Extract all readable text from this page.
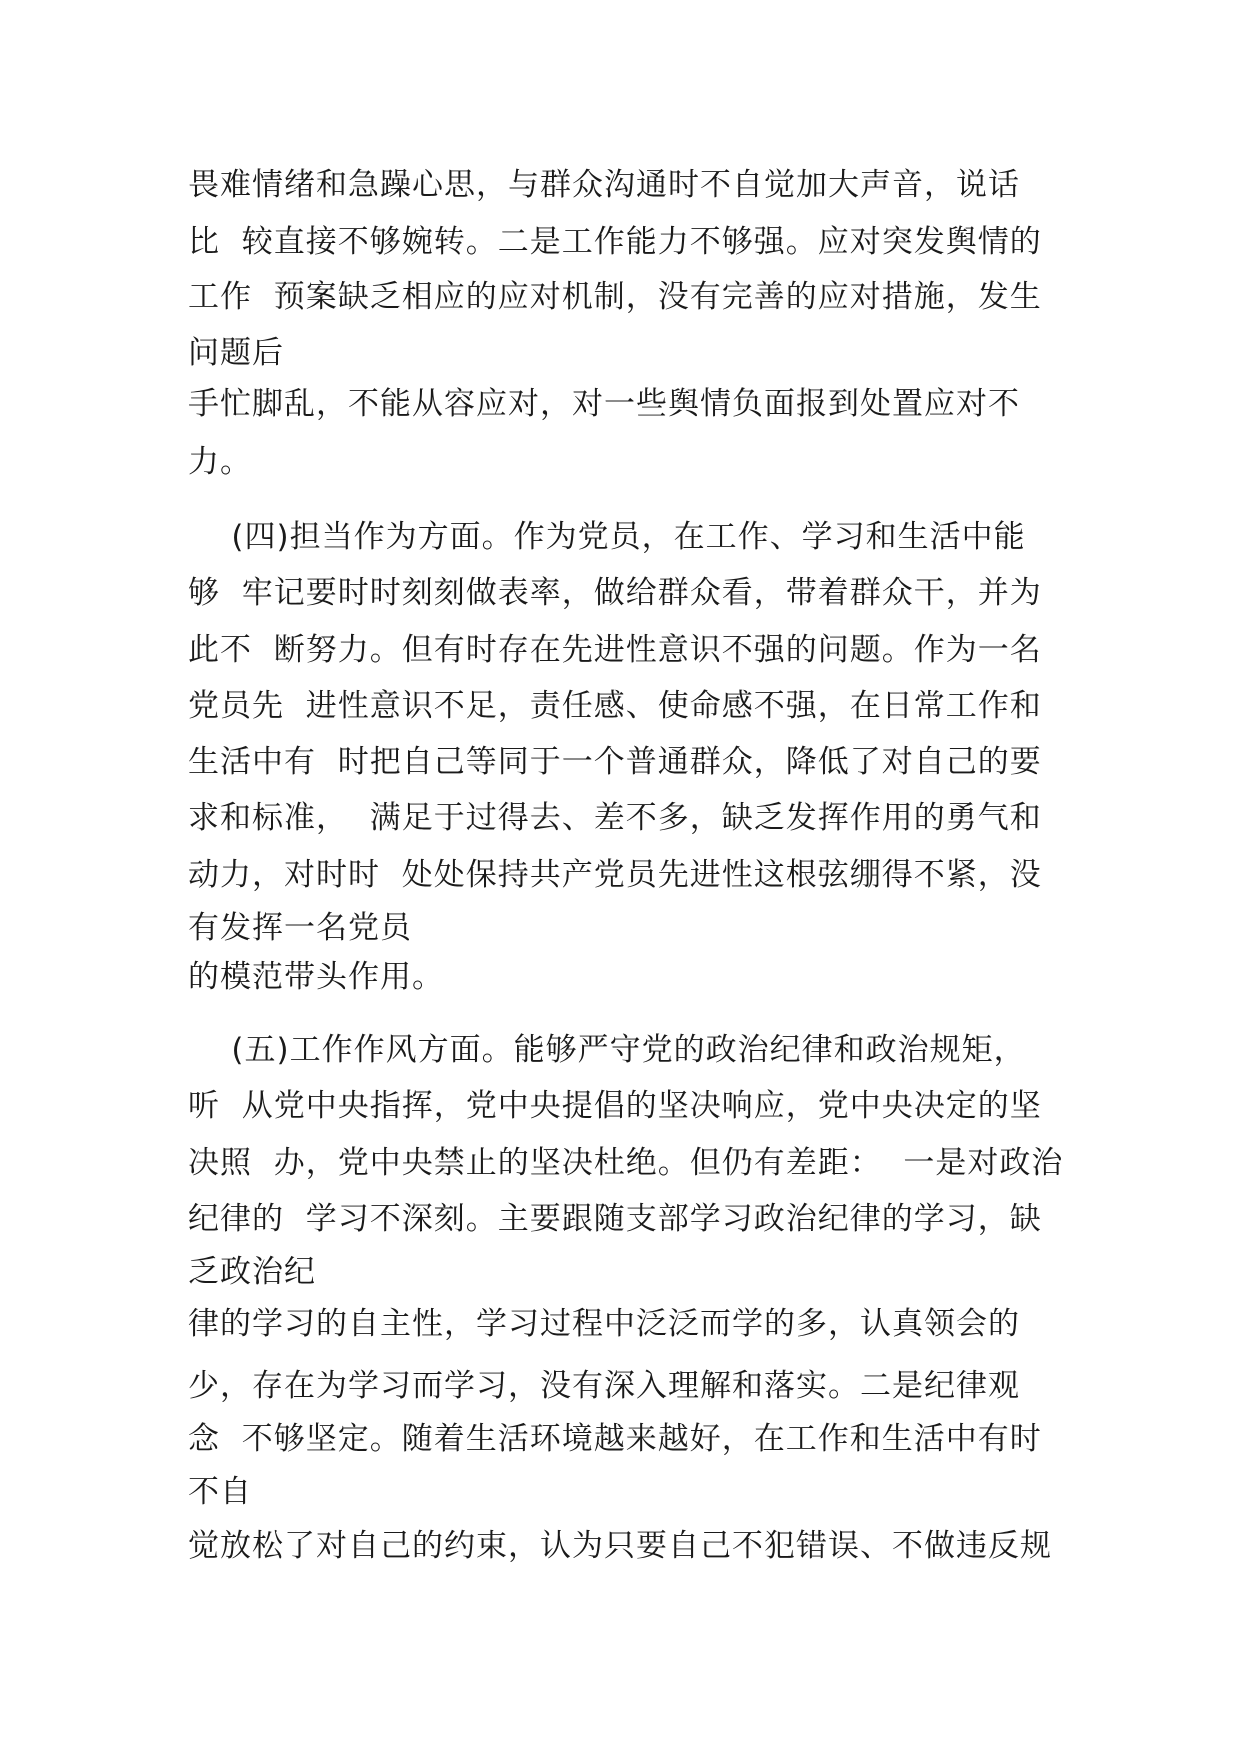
畏难情绪和急躁心思，与群众沟通时不自觉加大声音，说话
比  较直接不够婉转。二是工作能力不够强。应对突发舆情的
工作  预案缺乏相应的应对机制，没有完善的应对措施，发生
问题后
手忙脚乱，不能从容应对，对一些舆情负面报到处置应对不
力。
(四)担当作为方面。作为党员，在工作、学习和生活中能
够  牢记要时时刻刻做表率，做给群众看，带着群众干，并为
此不  断努力。但有时存在先进性意识不强的问题。作为一名
党员先  进性意识不足，责任感、使命感不强，在日常工作和
生活中有  时把自己等同于一个普通群众，降低了对自己的要
求和标准，  满足于过得去、差不多，缺乏发挥作用的勇气和
动力，对时时  处处保持共产党员先进性这根弦绷得不紧，没
有发挥一名党员
的模范带头作用。
(五)工作作风方面。能够严守党的政治纪律和政治规矩，
听  从党中央指挥，党中央提倡的坚决响应，党中央决定的坚
决照  办，党中央禁止的坚决杜绝。但仍有差距：  一是对政治
纪律的  学习不深刻。主要跟随支部学习政治纪律的学习，缺
乏政治纪
律的学习的自主性，学习过程中泛泛而学的多，认真领会的
少，存在为学习而学习，没有深入理解和落实。二是纪律观
念  不够坚定。随着生活环境越来越好，在工作和生活中有时
不自
觉放松了对自己的约束，认为只要自己不犯错误、不做违反规
